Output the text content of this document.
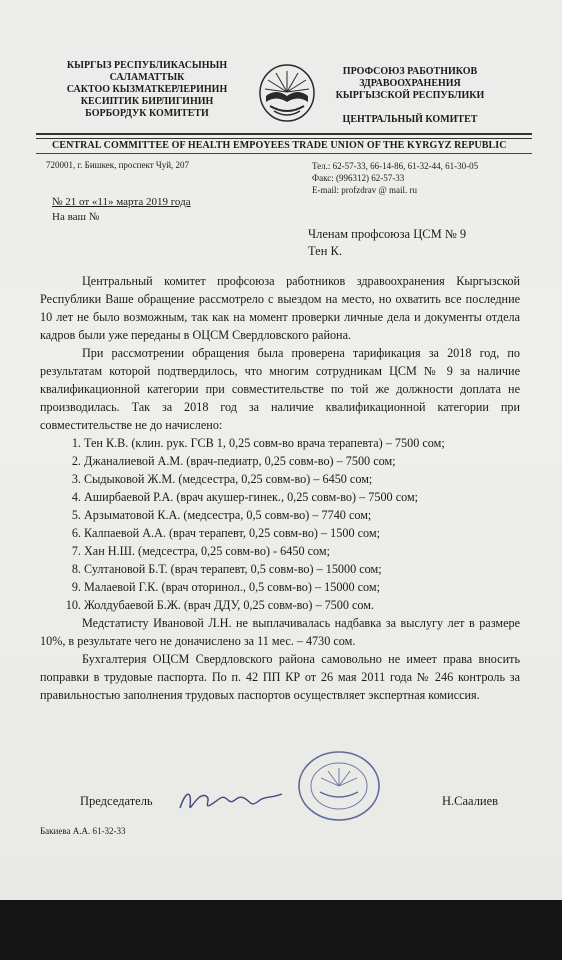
КЫРГЫЗ РЕСПУБЛИКАСЫНЫН
САЛАМАТТЫК
САКТОО КЫЗМАТКЕРЛЕРИНИН
КЕСИПТИК БИРЛИГИНИН
БОРБОРДУК КОМИТЕТИ
ПРОФСОЮЗ РАБОТНИКОВ
ЗДРАВООХРАНЕНИЯ
КЫРГЫЗСКОЙ РЕСПУБЛИКИ
ЦЕНТРАЛЬНЫЙ КОМИТЕТ
CENTRAL COMMITTEE OF HEALTH EMPOYEES TRADE UNION OF THE KYRGYZ REPUBLIC
720001, г. Бишкек, проспект Чуй, 207	Тел.: 62-57-33, 66-14-86, 61-32-44, 61-30-05
Факс: (996312) 62-57-33
E-mail: profzdrav @ mail. ru
№ 21 от «11» марта 2019 года
На ваш №
Членам профсоюза ЦСМ № 9
Тен К.

Центральный комитет профсоюза работников здравоохранения Кыргызской Республики Ваше обращение рассмотрело с выездом на место, но охватить все последние 10 лет не было возможным, так как на момент проверки личные дела и документы отдела кадров были уже переданы в ОЦСМ Свердловского района.

При рассмотрении обращения была проверена тарификация за 2018 год, по результатам которой подтвердилось, что многим сотрудникам ЦСМ № 9 за наличие квалификационной категории при совместительстве по той же должности доплата не производилась. Так за 2018 год за наличие квалификационной категории при совместительстве не до начислено:

1. Тен К.В. (клин. рук. ГСВ 1, 0,25 совм-во врача терапевта) – 7500 сом;
2. Джаналиевой А.М. (врач-педиатр, 0,25 совм-во) – 7500 сом;
3. Сыдыковой Ж.М. (медсестра, 0,25 совм-во) – 6450 сом;
4. Аширбаевой Р.А. (врач акушер-гинек., 0,25 совм-во) – 7500 сом;
5. Арзыматовой К.А. (медсестра, 0,5 совм-во) – 7740 сом;
6. Калпаевой А.А. (врач терапевт, 0,25 совм-во) – 1500 сом;
7. Хан Н.Ш. (медсестра, 0,25 совм-во) - 6450 сом;
8. Султановой Б.Т. (врач терапевт, 0,5 совм-во) – 15000 сом;
9. Малаевой Г.К. (врач оторинол., 0,5 совм-во) – 15000 сом;
10. Жолдубаевой Б.Ж. (врач ДДУ, 0,25 совм-во) – 7500 сом.

Медстатисту Ивановой Л.Н. не выплачивалась надбавка за выслугу лет в размере 10%, в результате чего не доначислено за 11 мес. – 4730 сом.

Бухгалтерия ОЦСМ Свердловского района самовольно не имеет права вносить поправки в трудовые паспорта. По п. 42 ПП КР от 26 мая 2011 года № 246 контроль за правильностью заполнения трудовых паспортов осуществляет экспертная комиссия.

Председатель	Н.Саалиев
Бакиева А.А. 61-32-33
